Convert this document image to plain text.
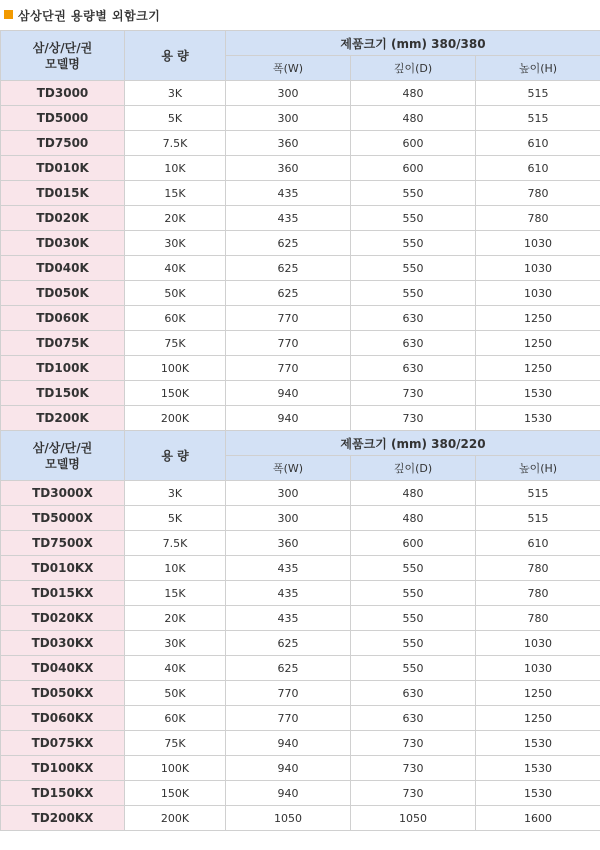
삼상단권 용량별 외함크기
삼/상/단/권
모델명	용 량	제품크기 (mm) 380/380		
		폭(W)	깊이(D)	높이(H)
TD3000	3K	300	480	515
TD5000	5K	300	480	515
TD7500	7.5K	360	600	610
TD010K	10K	360	600	610
TD015K	15K	435	550	780
TD020K	20K	435	550	780
TD030K	30K	625	550	1030
TD040K	40K	625	550	1030
TD050K	50K	625	550	1030
TD060K	60K	770	630	1250
TD075K	75K	770	630	1250
TD100K	100K	770	630	1250
TD150K	150K	940	730	1530
TD200K	200K	940	730	1530
삼/상/단/권
모델명	용 량	제품크기 (mm) 380/220		
		폭(W)	깊이(D)	높이(H)
TD3000X	3K	300	480	515
TD5000X	5K	300	480	515
TD7500X	7.5K	360	600	610
TD010KX	10K	435	550	780
TD015KX	15K	435	550	780
TD020KX	20K	435	550	780
TD030KX	30K	625	550	1030
TD040KX	40K	625	550	1030
TD050KX	50K	770	630	1250
TD060KX	60K	770	630	1250
TD075KX	75K	940	730	1530
TD100KX	100K	940	730	1530
TD150KX	150K	940	730	1530
TD200KX	200K	1050	1050	1600
